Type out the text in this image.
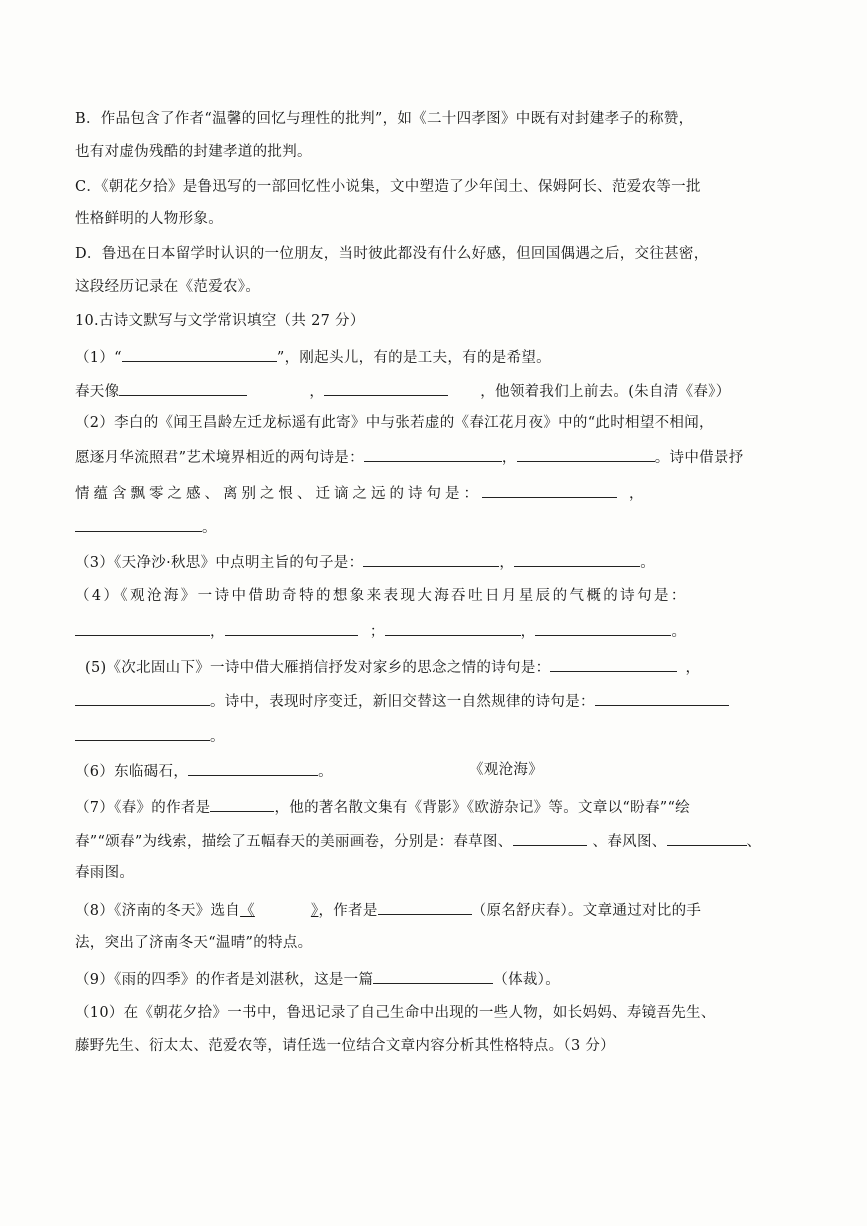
B．作品包含了作者“温馨的回忆与理性的批判”，如《二十四孝图》中既有对封建孝子的称赞，
也有对虚伪残酷的封建孝道的批判。
C．《朝花夕拾》是鲁迅写的一部回忆性小说集，文中塑造了少年闰土、保姆阿长、范爱农等一批
性格鲜明的人物形象。
D．鲁迅在日本留学时认识的一位朋友，当时彼此都没有什么好感，但回国偶遇之后，交往甚密，
这段经历记录在《范爱农》。
10.古诗文默写与文学常识填空（共 27 分）
（1）“	”，刚起头儿，有的是工夫，有的是希望。
春天像	，	，他领着我们上前去。(朱自清《春》）
（2）李白的《闻王昌龄左迁龙标遥有此寄》中与张若虚的《春江花月夜》中的“此时相望不相闻，
愿逐月华流照君”艺术境界相近的两句诗是：	，	。诗中借景抒
情蕴含飘零之感、离别之恨、迁谪之远的诗句是：	，
。
（3）《天净沙·秋思》中点明主旨的句子是：	，	。
（4）《观沧海》一诗中借助奇特的想象来表现大海吞吐日月星辰的气概的诗句是：
，	；	，	。
(5)《次北固山下》一诗中借大雁捎信抒发对家乡的思念之情的诗句是：	，
。诗中，表现时序变迁，新旧交替这一自然规律的诗句是：
。
（6）东临碣石，	。	《观沧海》
（7）《春》的作者是	，他的著名散文集有《背影》《欧游杂记》等。文章以“盼春”“绘
春”“颂春”为线索，描绘了五幅春天的美丽画卷，分别是：春草图、	、春风图、	、
春雨图。
（8）《济南的冬天》选自《	》，作者是	（原名舒庆春）。文章通过对比的手
法，突出了济南冬天“温晴”的特点。
（9）《雨的四季》的作者是刘湛秋，这是一篇	（体裁）。
（10）在《朝花夕拾》一书中，鲁迅记录了自己生命中出现的一些人物，如长妈妈、寿镜吾先生、
藤野先生、衍太太、范爱农等，请任选一位结合文章内容分析其性格特点。（3 分）
